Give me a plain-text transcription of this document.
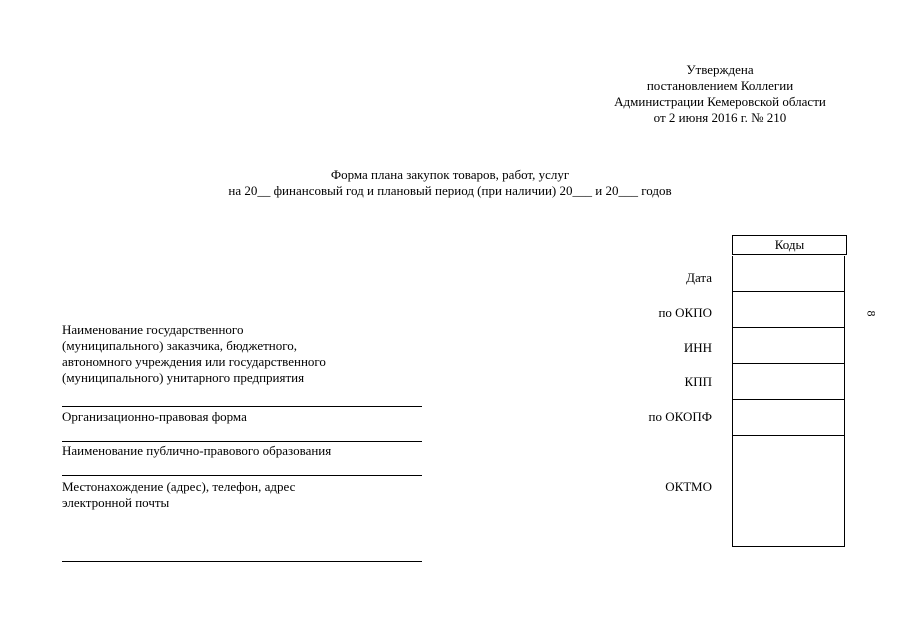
Утверждена
постановлением Коллегии
Администрации Кемеровской области
от 2 июня 2016 г. № 210
Форма плана закупок товаров, работ, услуг
на 20__ финансовый год и плановый период (при наличии) 20___ и 20___ годов
Коды
Дата
по ОКПО
ИНН
КПП
по ОКОПФ
ОКТМО
Наименование государственного
(муниципального) заказчика, бюджетного,
автономного учреждения или государственного
(муниципального) унитарного предприятия
Организационно-правовая форма
Наименование публично-правового образования
Местонахождение (адрес), телефон, адрес
электронной почты
8
